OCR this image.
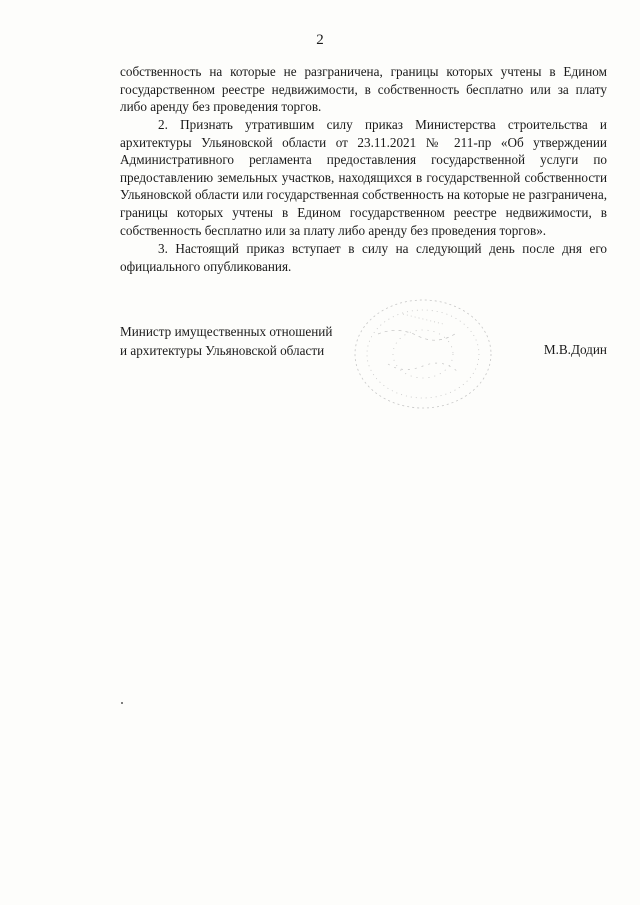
2

собственность на которые не разграничена, границы которых учтены в Едином государственном реестре недвижимости, в собственность бесплатно или за плату либо аренду без проведения торгов.

2. Признать утратившим силу приказ Министерства строительства и архитектуры Ульяновской области от 23.11.2021 № 211-пр «Об утверждении Административного регламента предоставления государственной услуги по предоставлению земельных участков, находящихся в государственной собственности Ульяновской области или государственная собственность на которые не разграничена, границы которых учтены в Едином государственном реестре недвижимости, в собственность бесплатно или за плату либо аренду без проведения торгов».

3. Настоящий приказ вступает в силу на следующий день после дня его официального опубликования.

Министр имущественных отношений
и архитектуры Ульяновской области	М.В.Додин
